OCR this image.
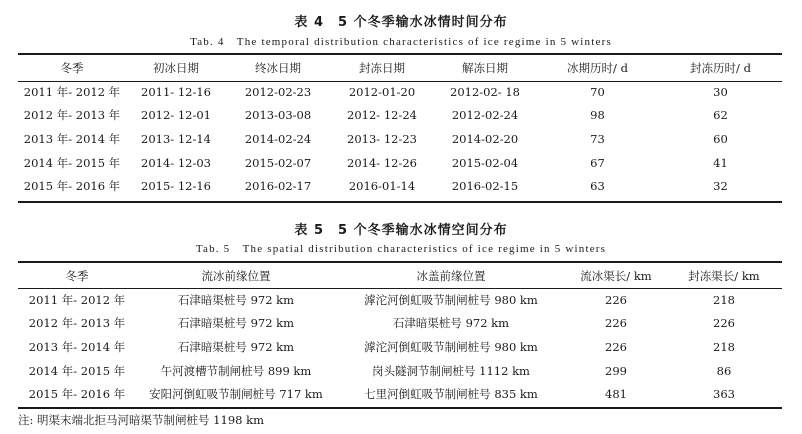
表 4　5 个冬季输水冰情时间分布
Tab. 4　The temporal distribution characteristics of ice regime in 5 winters
冬季	初冰日期	终冰日期	封冻日期	解冻日期	冰期历时/ d	封冻历时/ d
2011 年- 2012 年	2011- 12-16	2012-02-23	2012-01-20	2012-02- 18	70	30
2012 年- 2013 年	2012- 12-01	2013-03-08	2012- 12-24	2012-02-24	98	62
2013 年- 2014 年	2013- 12-14	2014-02-24	2013- 12-23	2014-02-20	73	60
2014 年- 2015 年	2014- 12-03	2015-02-07	2014- 12-26	2015-02-04	67	41
2015 年- 2016 年	2015- 12-16	2016-02-17	2016-01-14	2016-02-15	63	32
表 5　5 个冬季输水冰情空间分布
Tab. 5　The spatial distribution characteristics of ice regime in 5 winters
冬季	流冰前缘位置	冰盖前缘位置	流冰渠长/ km	封冻渠长/ km
2011 年- 2012 年	石津暗渠桩号 972 km	滹沱河倒虹吸节制闸桩号 980 km	226	218
2012 年- 2013 年	石津暗渠桩号 972 km	石津暗渠桩号 972 km	226	226
2013 年- 2014 年	石津暗渠桩号 972 km	滹沱河倒虹吸节制闸桩号 980 km	226	218
2014 年- 2015 年	午河渡槽节制闸桩号 899 km	岗头隧洞节制闸桩号 1112 km	299	86
2015 年- 2016 年	安阳河倒虹吸节制闸桩号 717 km	七里河倒虹吸节制闸桩号 835 km	481	363
注: 明渠末端北拒马河暗渠节制闸桩号 1198 km
